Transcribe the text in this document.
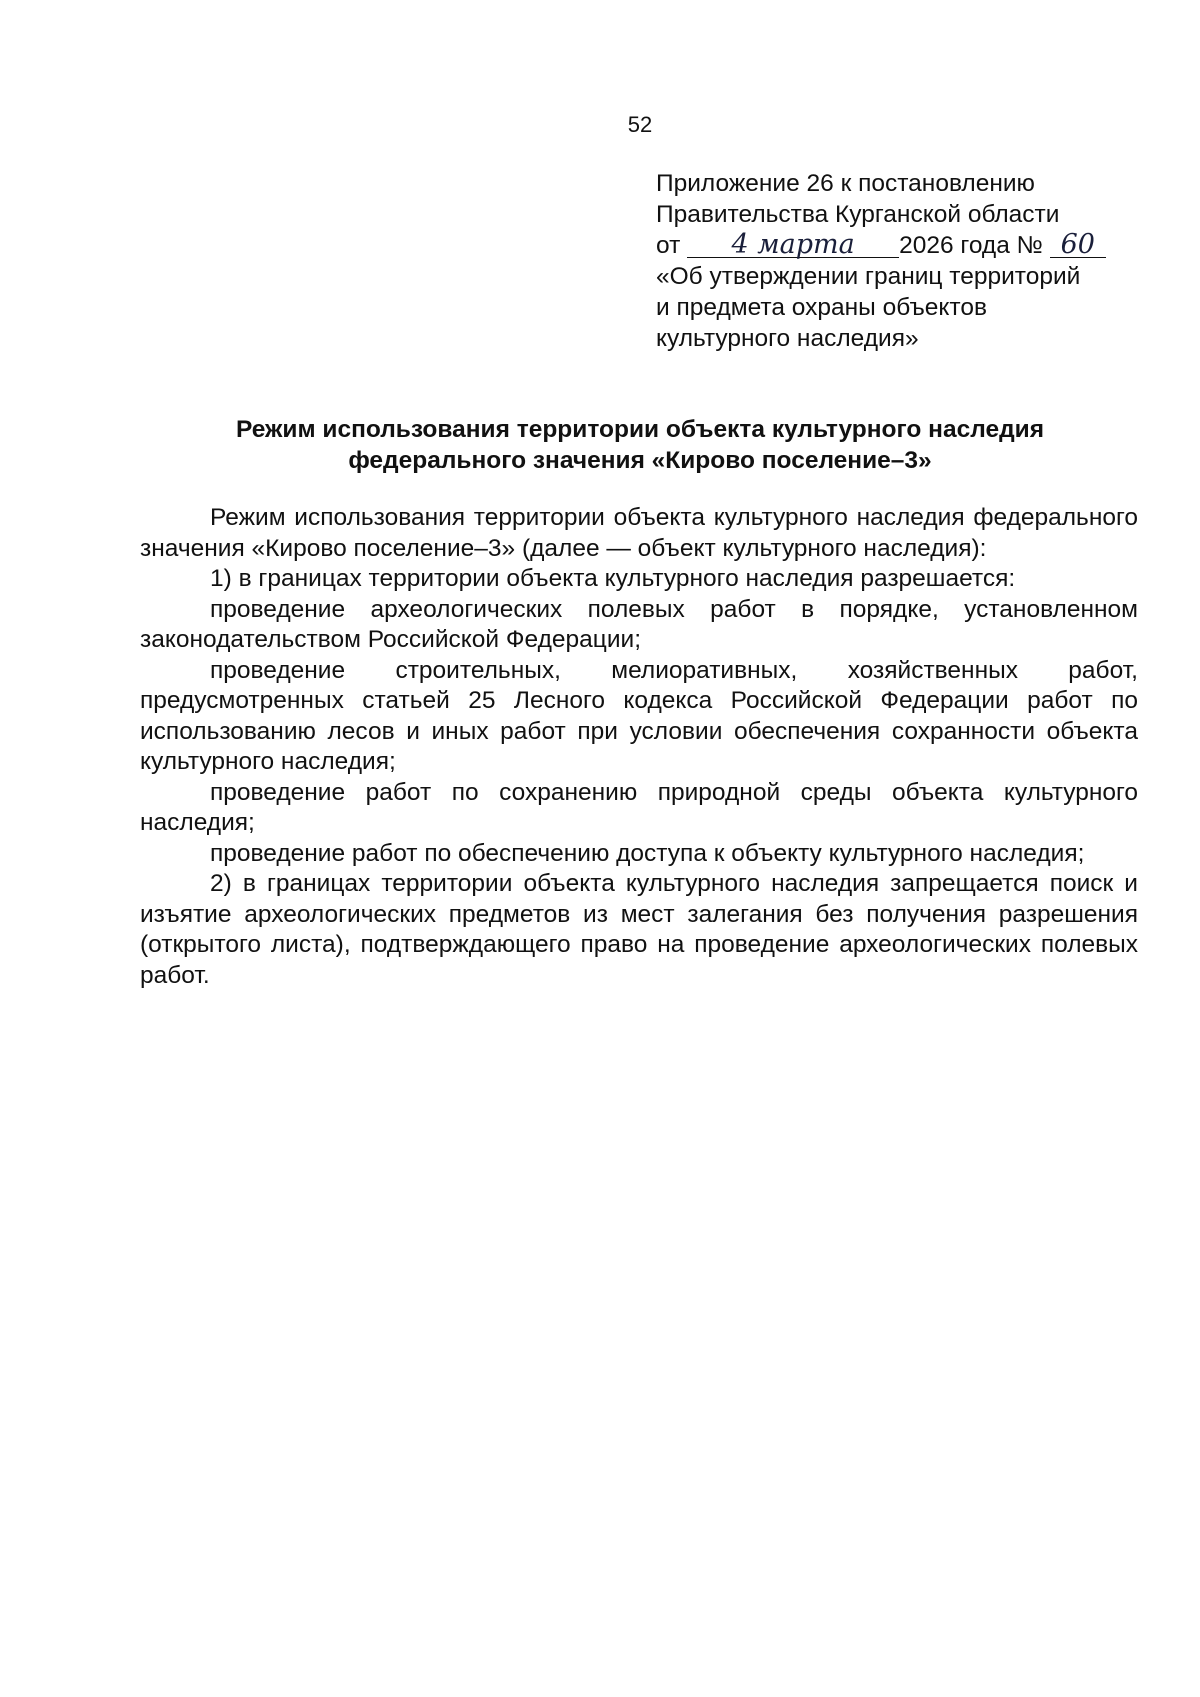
52
Приложение 26 к постановлению
Правительства Курганской области
от 4 марта 2026 года № 60
«Об утверждении границ территорий
и предмета охраны объектов
культурного наследия»
Режим использования территории объекта культурного наследия
федерального значения «Кирово поселение–3»

Режим использования территории объекта культурного наследия федерального значения «Кирово поселение–3» (далее — объект культурного наследия):

1) в границах территории объекта культурного наследия разрешается:

проведение археологических полевых работ в порядке, установленном законодательством Российской Федерации;

проведение строительных, мелиоративных, хозяйственных работ, предусмотренных статьей 25 Лесного кодекса Российской Федерации работ по использованию лесов и иных работ при условии обеспечения сохранности объекта культурного наследия;

проведение работ по сохранению природной среды объекта культурного наследия;

проведение работ по обеспечению доступа к объекту культурного наследия;

2) в границах территории объекта культурного наследия запрещается поиск и изъятие археологических предметов из мест залегания без получения разрешения (открытого листа), подтверждающего право на проведение археологических полевых работ.
